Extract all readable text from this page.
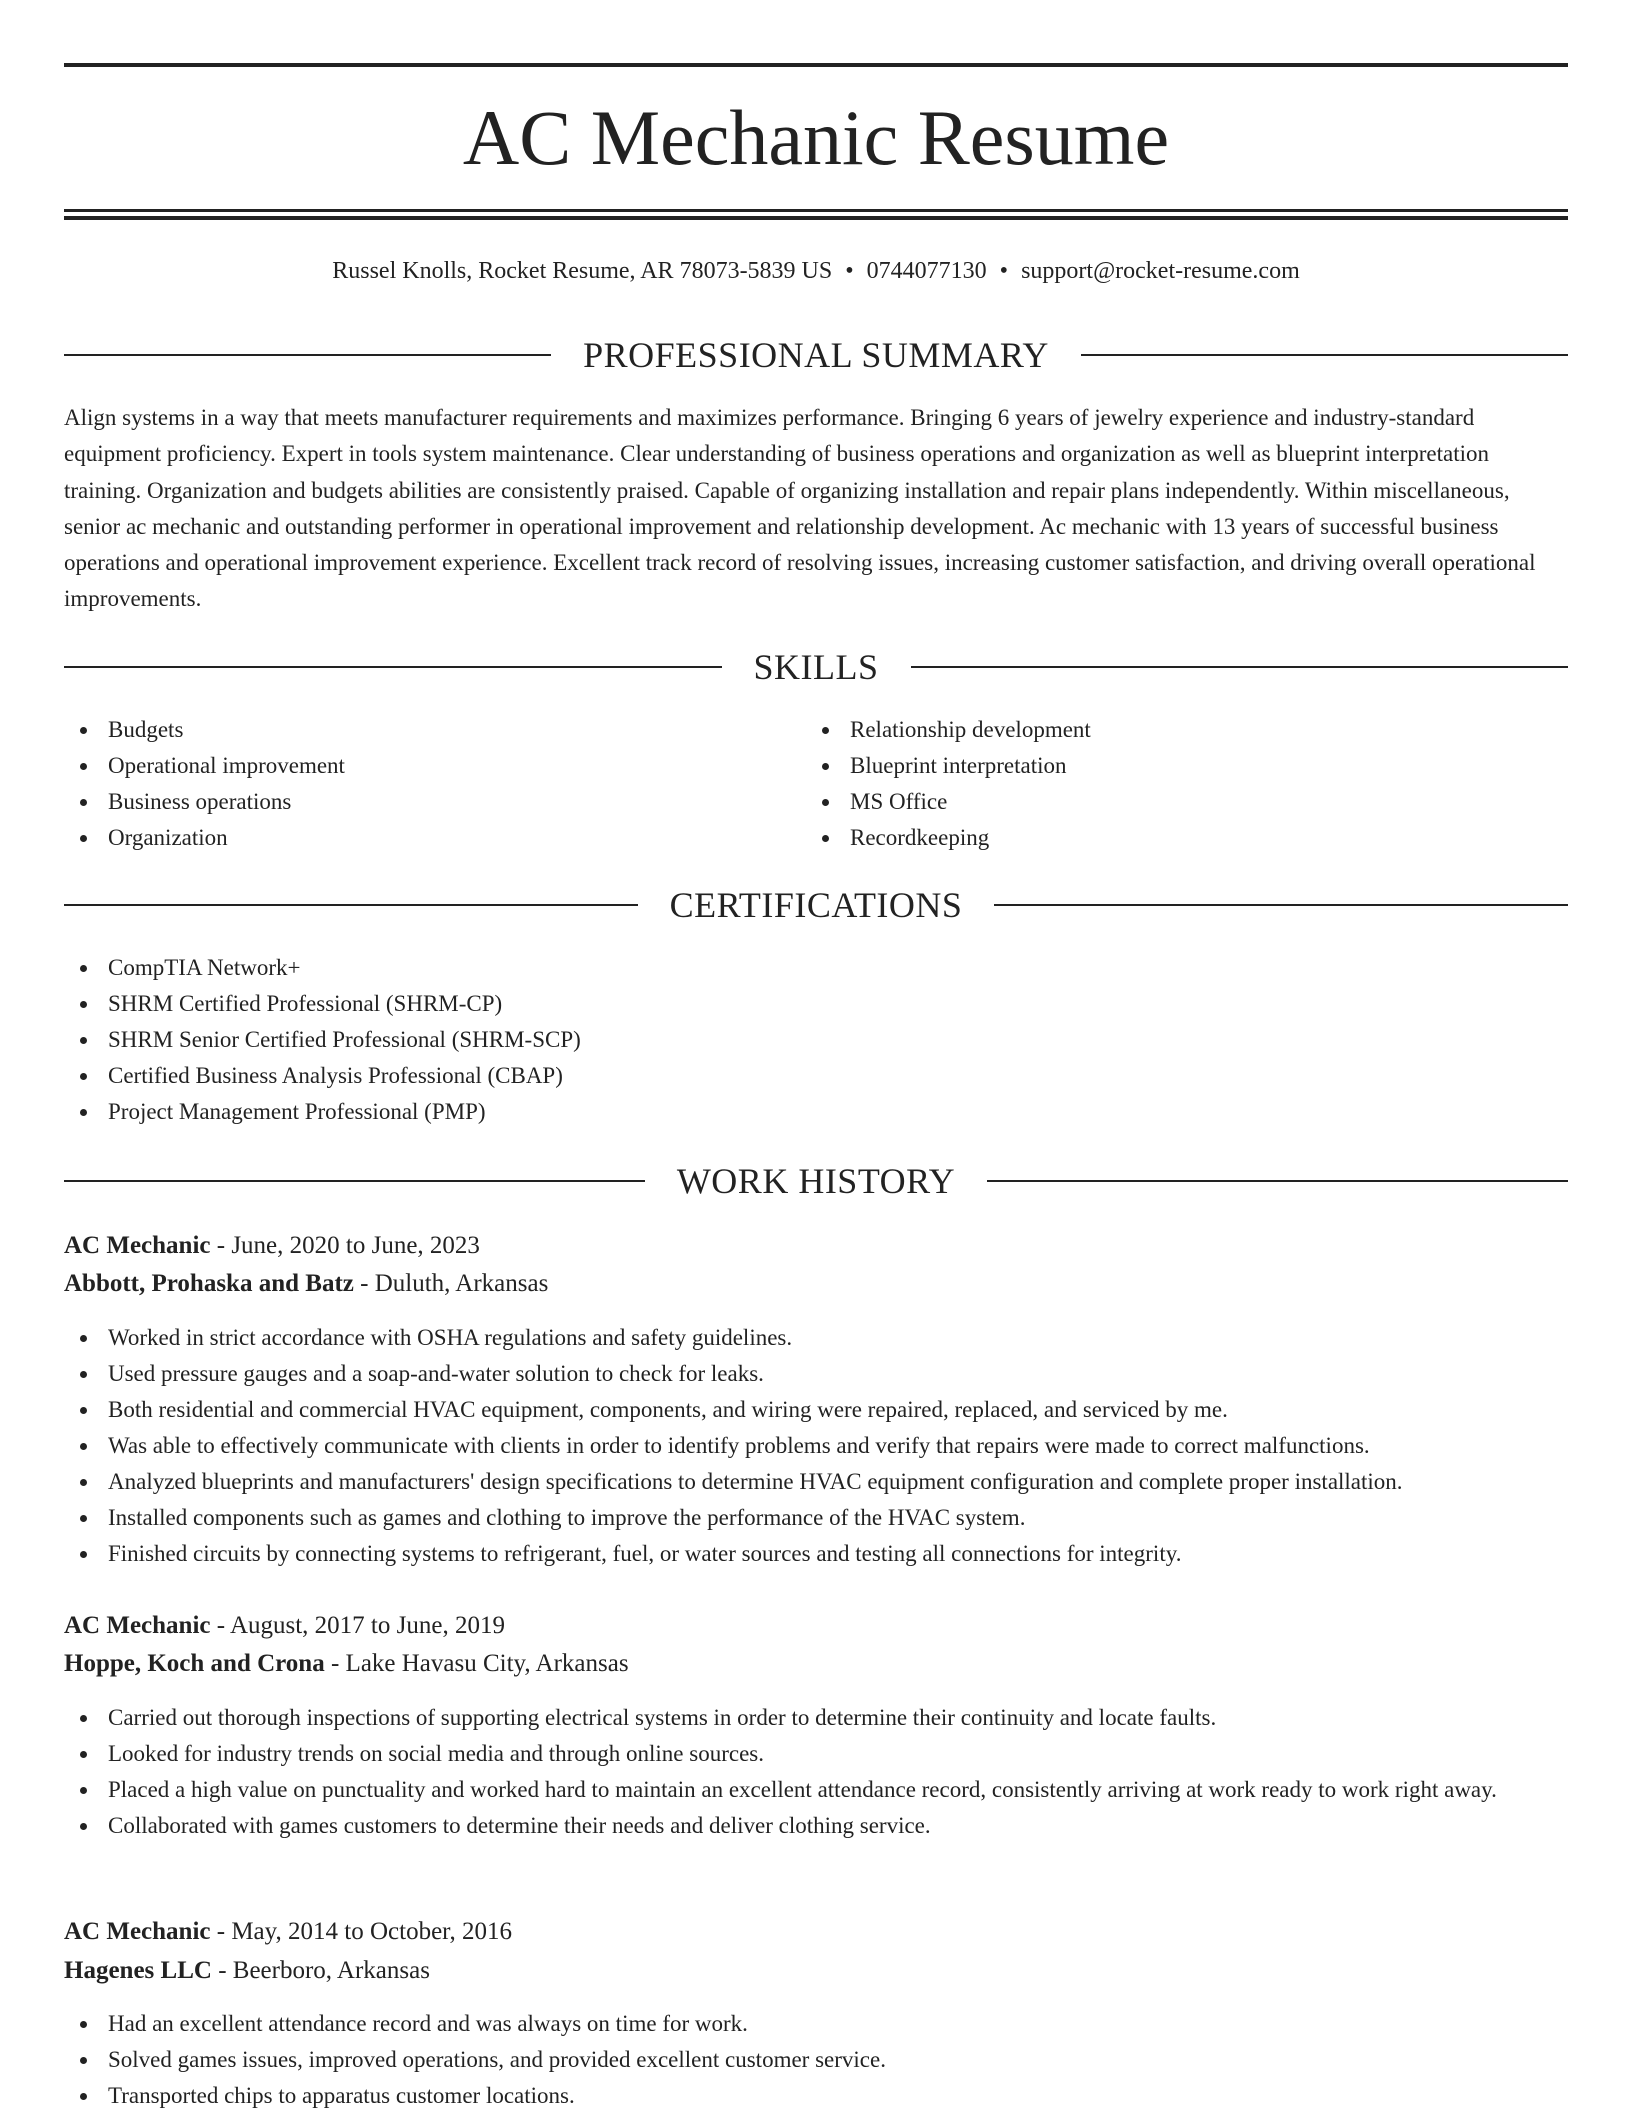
AC Mechanic Resume
Russel Knolls, Rocket Resume, AR 78073-5839 US • 0744077130 • support@rocket-resume.com
PROFESSIONAL SUMMARY

Align systems in a way that meets manufacturer requirements and maximizes performance. Bringing 6 years of jewelry experience and industry-standard equipment proficiency. Expert in tools system maintenance. Clear understanding of business operations and organization as well as blueprint interpretation training. Organization and budgets abilities are consistently praised. Capable of organizing installation and repair plans independently. Within miscellaneous, senior ac mechanic and outstanding performer in operational improvement and relationship development. Ac mechanic with 13 years of successful business operations and operational improvement experience. Excellent track record of resolving issues, increasing customer satisfaction, and driving overall operational improvements.

SKILLS
Budgets
Operational improvement
Business operations
Organization
Relationship development
Blueprint interpretation
MS Office
Recordkeeping
CERTIFICATIONS
CompTIA Network+
SHRM Certified Professional (SHRM-CP)
SHRM Senior Certified Professional (SHRM-SCP)
Certified Business Analysis Professional (CBAP)
Project Management Professional (PMP)
WORK HISTORY
AC Mechanic - June, 2020 to June, 2023
Abbott, Prohaska and Batz - Duluth, Arkansas
Worked in strict accordance with OSHA regulations and safety guidelines.
Used pressure gauges and a soap-and-water solution to check for leaks.
Both residential and commercial HVAC equipment, components, and wiring were repaired, replaced, and serviced by me.
Was able to effectively communicate with clients in order to identify problems and verify that repairs were made to correct malfunctions.
Analyzed blueprints and manufacturers' design specifications to determine HVAC equipment configuration and complete proper installation.
Installed components such as games and clothing to improve the performance of the HVAC system.
Finished circuits by connecting systems to refrigerant, fuel, or water sources and testing all connections for integrity.
AC Mechanic - August, 2017 to June, 2019
Hoppe, Koch and Crona - Lake Havasu City, Arkansas
Carried out thorough inspections of supporting electrical systems in order to determine their continuity and locate faults.
Looked for industry trends on social media and through online sources.
Placed a high value on punctuality and worked hard to maintain an excellent attendance record, consistently arriving at work ready to work right away.
Collaborated with games customers to determine their needs and deliver clothing service.
AC Mechanic - May, 2014 to October, 2016
Hagenes LLC - Beerboro, Arkansas
Had an excellent attendance record and was always on time for work.
Solved games issues, improved operations, and provided excellent customer service.
Transported chips to apparatus customer locations.
